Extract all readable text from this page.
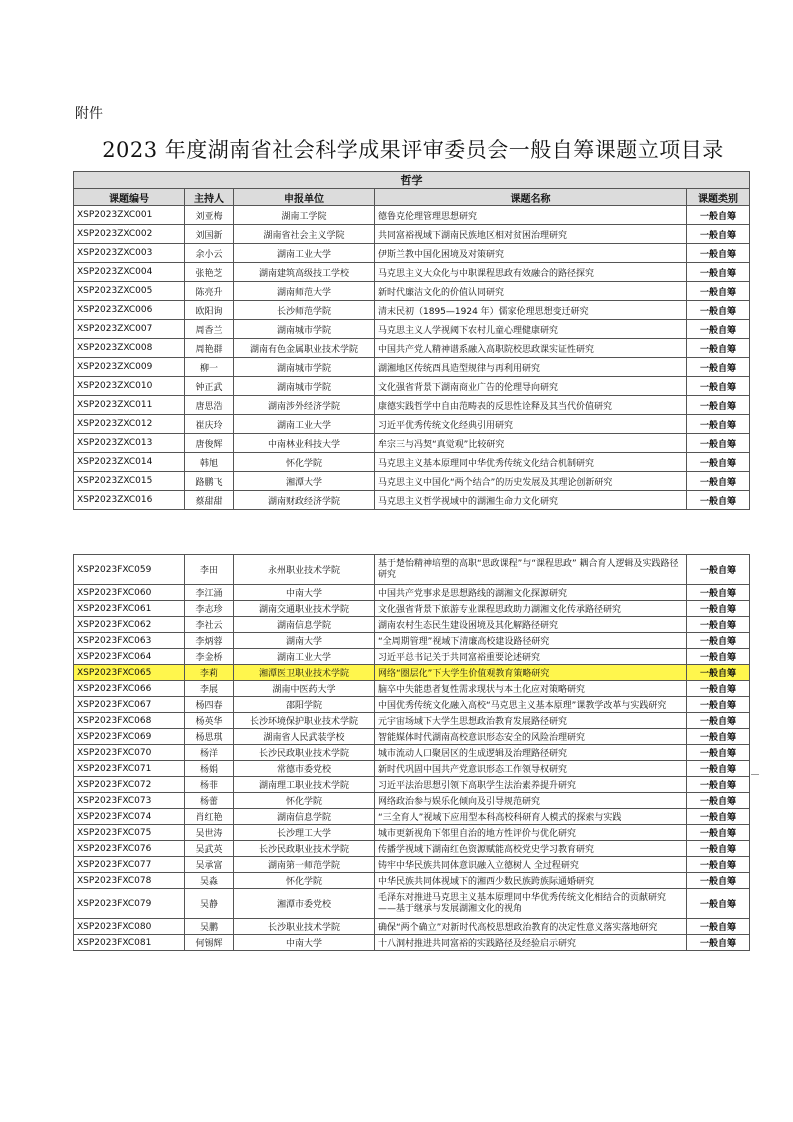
附件
2023 年度湖南省社会科学成果评审委员会一般自筹课题立项目录
哲学				
课题编号	主持人	申报单位	课题名称	课题类别
XSP2023ZXC001	刘亚梅	湖南工学院	德鲁克伦理管理思想研究	一般自筹
XSP2023ZXC002	刘国新	湖南省社会主义学院	共同富裕视域下湖南民族地区相对贫困治理研究	一般自筹
XSP2023ZXC003	余小云	湖南工业大学	伊斯兰教中国化困境及对策研究	一般自筹
XSP2023ZXC004	张艳芝	湖南建筑高级技工学校	马克思主义大众化与中职课程思政有效融合的路径探究	一般自筹
XSP2023ZXC005	陈亮升	湖南师范大学	新时代廉洁文化的价值认同研究	一般自筹
XSP2023ZXC006	欧阳询	长沙师范学院	清末民初（1895—1924 年）儒家伦理思想变迁研究	一般自筹
XSP2023ZXC007	周香兰	湖南城市学院	马克思主义人学视阈下农村儿童心理健康研究	一般自筹
XSP2023ZXC008	周艳群	湖南有色金属职业技术学院	中国共产党人精神谱系融入高职院校思政课实证性研究	一般自筹
XSP2023ZXC009	柳一	湖南城市学院	湖湘地区传统酉具造型规律与再利用研究	一般自筹
XSP2023ZXC010	钟正武	湖南城市学院	文化强省背景下湖南商业广告的伦理导向研究	一般自筹
XSP2023ZXC011	唐思浩	湖南涉外经济学院	康德实践哲学中自由范畴表的反思性诠释及其当代价值研究	一般自筹
XSP2023ZXC012	崔庆玲	湖南工业大学	习近平优秀传统文化经典引用研究	一般自筹
XSP2023ZXC013	唐俊辉	中南林业科技大学	牟宗三与冯契“真觉观”比较研究	一般自筹
XSP2023ZXC014	韩旭	怀化学院	马克思主义基本原理同中华优秀传统文化结合机制研究	一般自筹
XSP2023ZXC015	路鹏飞	湘潭大学	马克思主义中国化“两个结合”的历史发展及其理论创新研究	一般自筹
XSP2023ZXC016	蔡甜甜	湖南财政经济学院	马克思主义哲学视域中的湖湘生命力文化研究	一般自筹
XSP2023FXC059	李田	永州职业技术学院	基于楚怡精神培塑的高职“思政课程”与“课程思政” 耦合育人逻辑及实践路径研究	一般自筹
XSP2023FXC060	李江涌	中南大学	中国共产党事求是思想路线的湖湘文化探源研究	一般自筹
XSP2023FXC061	李志珍	湖南交通职业技术学院	文化强省背景下旅游专业课程思政助力湖湘文化传承路径研究	一般自筹
XSP2023FXC062	李社云	湖南信息学院	湖南农村生态民生建设困境及其化解路径研究	一般自筹
XSP2023FXC063	李炳蓉	湖南大学	“全周期管理”视域下清廉高校建设路径研究	一般自筹
XSP2023FXC064	李金桥	湖南工业大学	习近平总书记关于共同富裕重要论述研究	一般自筹
XSP2023FXC065	李莉	湘潭医卫职业技术学院	网络“圈层化”下大学生价值观教育策略研究	一般自筹
XSP2023FXC066	李展	湖南中医药大学	脑卒中失能患者复性需求现状与本土化应对策略研究	一般自筹
XSP2023FXC067	杨四春	邵阳学院	中国优秀传统文化融入高校“马克思主义基本原理”课教学改革与实践研究	一般自筹
XSP2023FXC068	杨英华	长沙环境保护职业技术学院	元宇宙场域下大学生思想政治教育发展路径研究	一般自筹
XSP2023FXC069	杨思琪	湖南省人民武装学校	智能媒体时代湖南高校意识形态安全的风险治理研究	一般自筹
XSP2023FXC070	杨洋	长沙民政职业技术学院	城市流动人口聚居区的生成逻辑及治理路径研究	一般自筹
XSP2023FXC071	杨娟	常德市委党校	新时代巩固中国共产党意识形态工作领导权研究	一般自筹
XSP2023FXC072	杨菲	湖南理工职业技术学院	习近平法治思想引领下高职学生法治素养提升研究	一般自筹
XSP2023FXC073	杨蕾	怀化学院	网络政治参与娱乐化倾向及引导规范研究	一般自筹
XSP2023FXC074	肖红艳	湖南信息学院	“三全育人”视域下应用型本科高校科研育人模式的探索与实践	一般自筹
XSP2023FXC075	吴世涛	长沙理工大学	城市更新视角下邻里自治的地方性评价与优化研究	一般自筹
XSP2023FXC076	吴武英	长沙民政职业技术学院	传播学视域下湖南红色资源赋能高校党史学习教育研究	一般自筹
XSP2023FXC077	吴承富	湖南第一师范学院	铸牢中华民族共同体意识融入立德树人 全过程研究	一般自筹
XSP2023FXC078	吴淼	怀化学院	中华民族共同体视域下的湘西少数民族跨族际通婚研究	一般自筹
XSP2023FXC079	吴静	湘潭市委党校	毛泽东对推进马克思主义基本原理同中华优秀传统文化相结合的贡献研究——基于继承与发展湖湘文化的视角	一般自筹
XSP2023FXC080	吴鹏	长沙职业技术学院	确保“两个确立”对新时代高校思想政治教育的决定性意义落实落地研究	一般自筹
XSP2023FXC081	何锡辉	中南大学	十八洞村推进共同富裕的实践路径及经验启示研究	一般自筹
